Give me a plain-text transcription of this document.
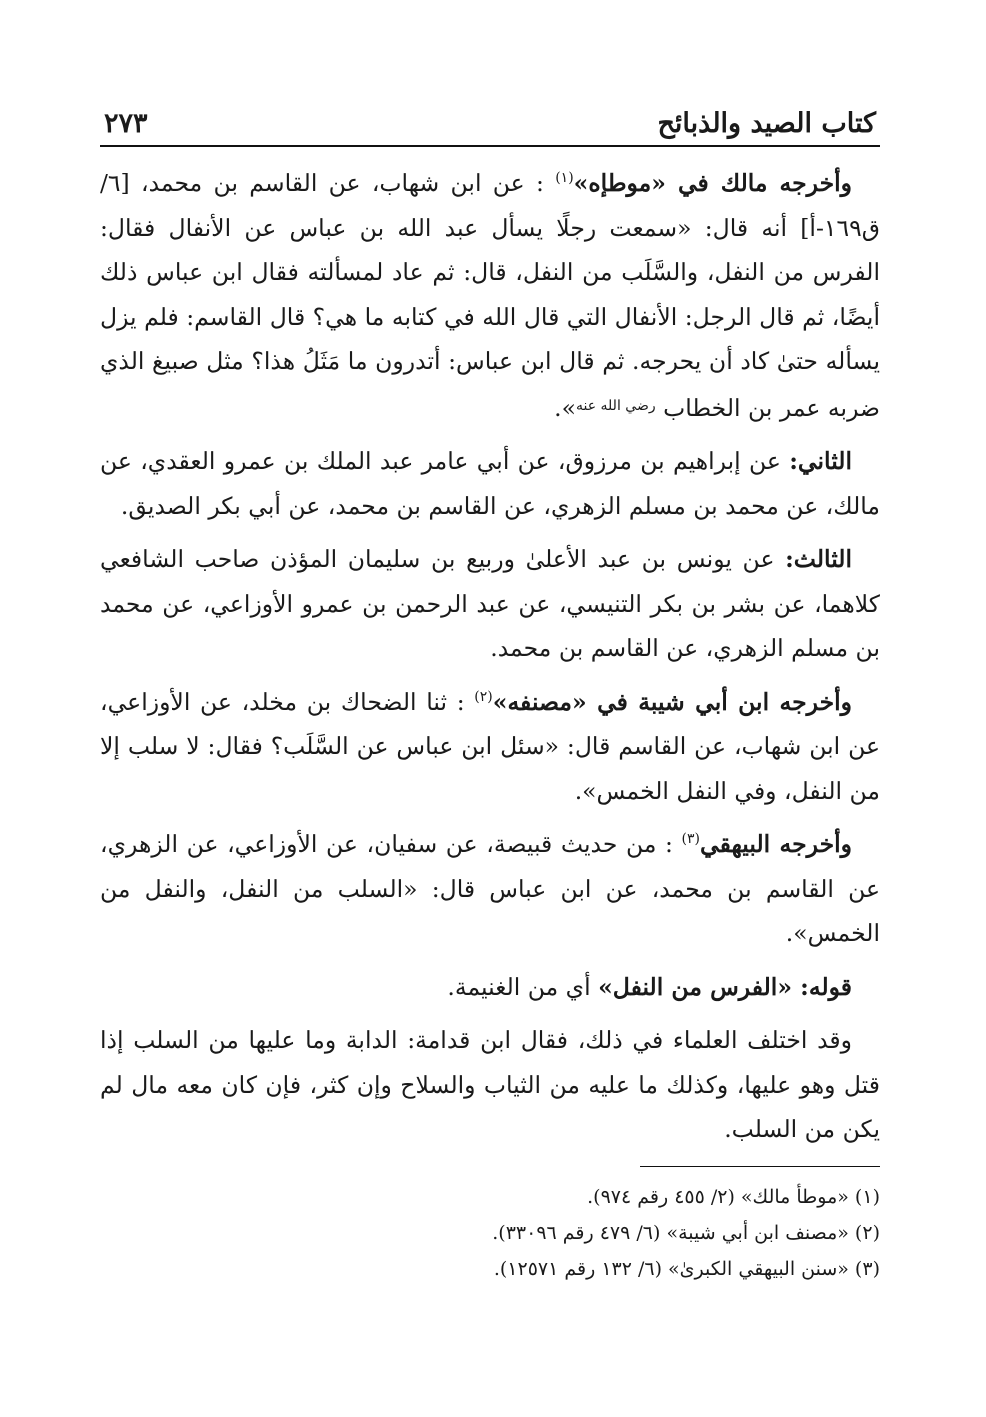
كتاب الصيد والذبائح
٢٧٣

وأخرجه مالك في «موطإه»$^{(١)}$ : عن ابن شهاب، عن القاسم بن محمد، [٦/ ق١٦٩-أ] أنه قال: «سمعت رجلًا يسأل عبد الله بن عباس عن الأنفال فقال: الفرس من النفل، والسَّلَب من النفل، قال: ثم عاد لمسألته فقال ابن عباس ذلك أيضًا، ثم قال الرجل: الأنفال التي قال الله في كتابه ما هي؟ قال القاسم: فلم يزل يسأله حتىٰ كاد أن يحرجه. ثم قال ابن عباس: أتدرون ما مَثَلُ هذا؟ مثل صبيغ الذي ضربه عمر بن الخطاب $^{رضي الله عنه}$».

الثاني: عن إبراهيم بن مرزوق، عن أبي عامر عبد الملك بن عمرو العقدي، عن مالك، عن محمد بن مسلم الزهري، عن القاسم بن محمد، عن أبي بكر الصديق.

الثالث: عن يونس بن عبد الأعلىٰ وربيع بن سليمان المؤذن صاحب الشافعي كلاهما، عن بشر بن بكر التنيسي، عن عبد الرحمن بن عمرو الأوزاعي، عن محمد بن مسلم الزهري، عن القاسم بن محمد.

وأخرجه ابن أبي شيبة في «مصنفه»$^{(٢)}$ : ثنا الضحاك بن مخلد، عن الأوزاعي، عن ابن شهاب، عن القاسم قال: «سئل ابن عباس عن السَّلَب؟ فقال: لا سلب إلا من النفل، وفي النفل الخمس».

وأخرجه البيهقي$^{(٣)}$ : من حديث قبيصة، عن سفيان، عن الأوزاعي، عن الزهري، عن القاسم بن محمد، عن ابن عباس قال: «السلب من النفل، والنفل من الخمس».

قوله: «الفرس من النفل» أي من الغنيمة.

وقد اختلف العلماء في ذلك، فقال ابن قدامة: الدابة وما عليها من السلب إذا قتل وهو عليها، وكذلك ما عليه من الثياب والسلاح وإن كثر، فإن كان معه مال لم يكن من السلب.

(١) «موطأ مالك» (٢/ ٤٥٥ رقم ٩٧٤).

(٢) «مصنف ابن أبي شيبة» (٦/ ٤٧٩ رقم ٣٣٠٩٦).

(٣) «سنن البيهقي الكبرىٰ» (٦/ ١٣٢ رقم ١٢٥٧١).
